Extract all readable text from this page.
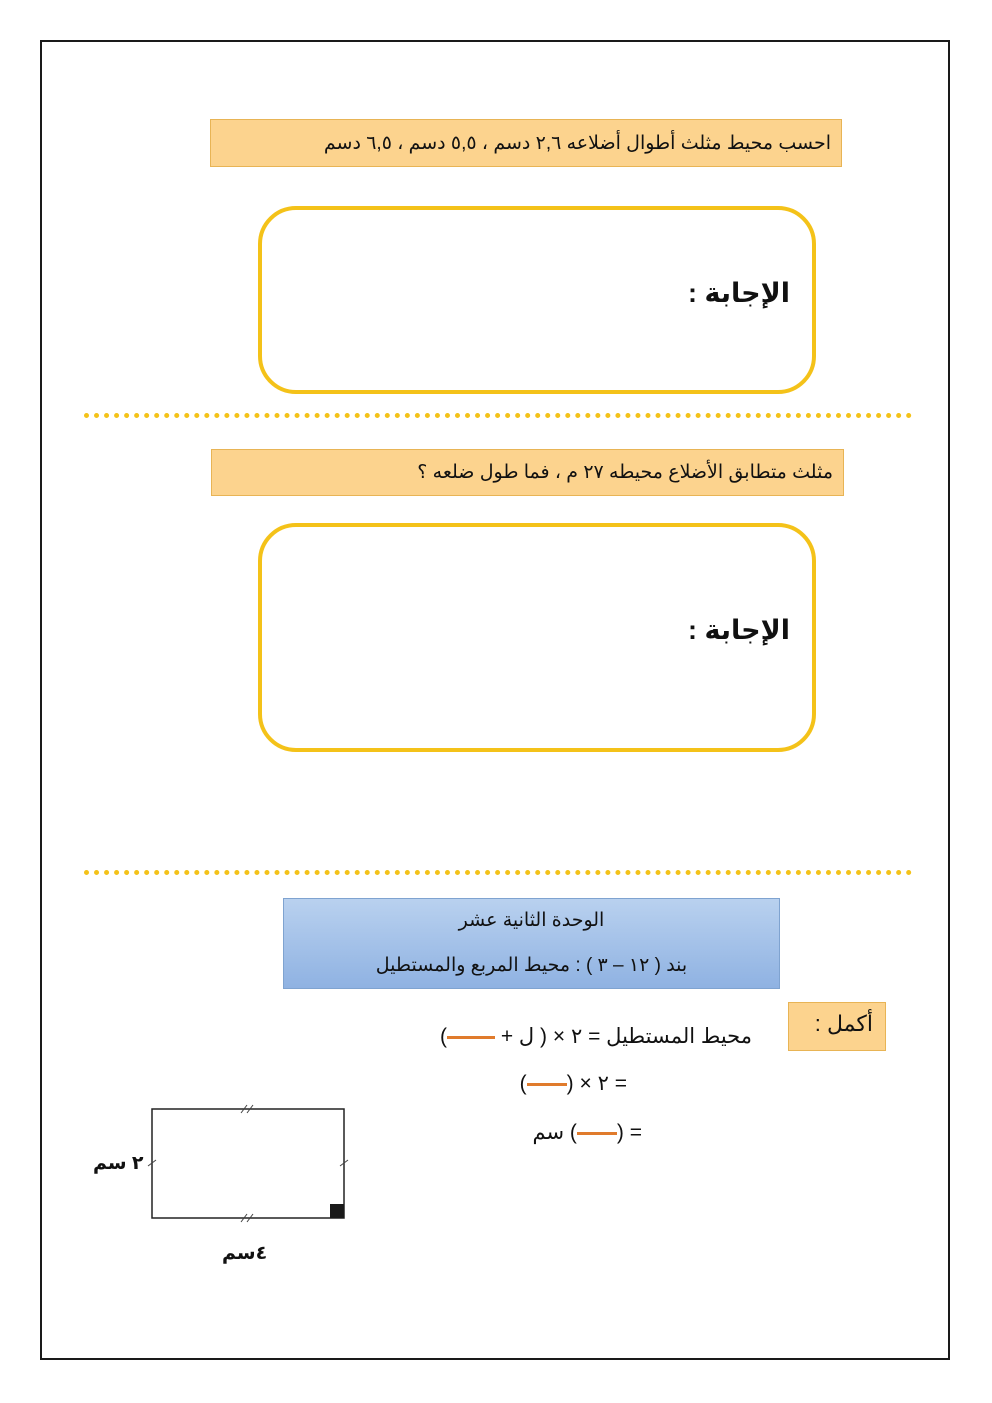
احسب محيط مثلث أطوال أضلاعه ٢,٦ دسم ، ٥,٥ دسم ، ٦,٥ دسم
الإجابة :
مثلث متطابق الأضلاع محيطه ٢٧ م ، فما طول ضلعه ؟
الإجابة :
الوحدة الثانية عشر
بند ( ١٢ – ٣ ) : محيط المربع والمستطيل
أكمل :
محيط المستطيل = ٢ × ( ل + )
= ٢ × ()
= () سم
٢ سم
٤سم
